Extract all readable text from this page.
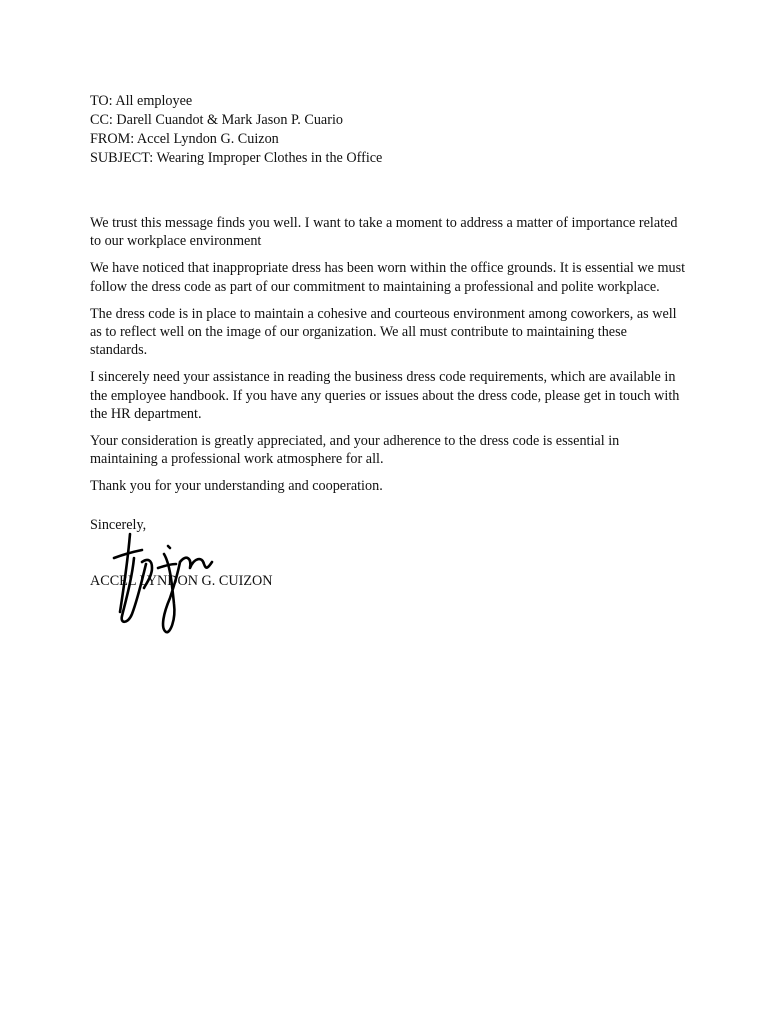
TO: All employee
CC: Darell Cuandot & Mark Jason P. Cuario
FROM: Accel Lyndon G. Cuizon
SUBJECT: Wearing Improper Clothes in the Office

We trust this message finds you well. I want to take a moment to address a matter of importance related to our workplace environment

We have noticed that inappropriate dress has been worn within the office grounds. It is essential we must follow the dress code as part of our commitment to maintaining a professional and polite workplace.

The dress code is in place to maintain a cohesive and courteous environment among coworkers, as well as to reflect well on the image of our organization. We all must contribute to maintaining these standards.

I sincerely need your assistance in reading the business dress code requirements, which are available in the employee handbook. If you have any queries or issues about the dress code, please get in touch with the HR department.

Your consideration is greatly appreciated, and your adherence to the dress code is essential in maintaining a professional work atmosphere for all.

Thank you for your understanding and cooperation.

Sincerely,
ACCEL LYNDON G. CUIZON
